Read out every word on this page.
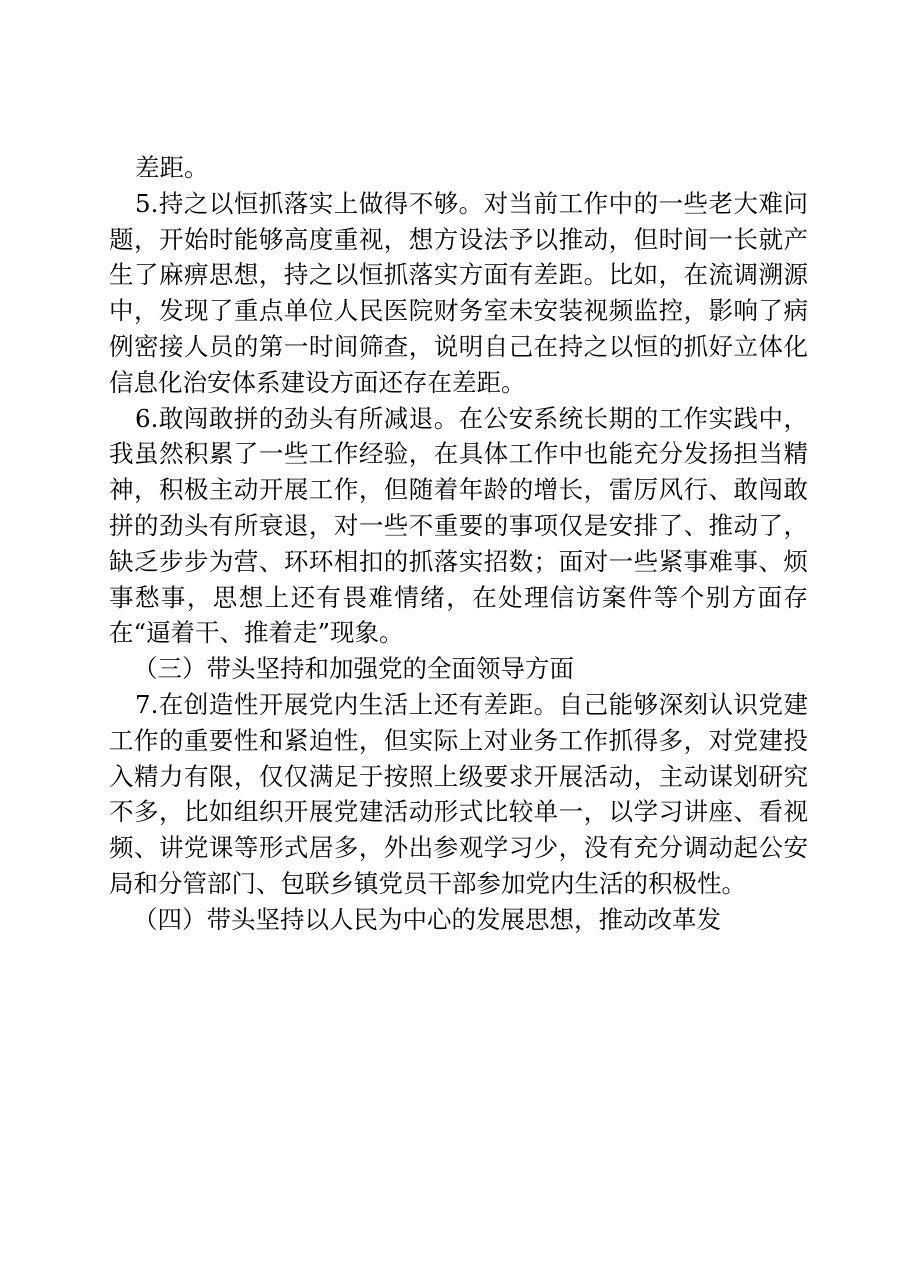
差距。

5.持之以恒抓落实上做得不够。对当前工作中的一些老大难问题，开始时能够高度重视，想方设法予以推动，但时间一长就产生了麻痹思想，持之以恒抓落实方面有差距。比如，在流调溯源中，发现了重点单位人民医院财务室未安装视频监控，影响了病例密接人员的第一时间筛查，说明自己在持之以恒的抓好立体化信息化治安体系建设方面还存在差距。

6.敢闯敢拼的劲头有所减退。在公安系统长期的工作实践中，我虽然积累了一些工作经验，在具体工作中也能充分发扬担当精神，积极主动开展工作，但随着年龄的增长，雷厉风行、敢闯敢拼的劲头有所衰退，对一些不重要的事项仅是安排了、推动了，缺乏步步为营、环环相扣的抓落实招数；面对一些紧事难事、烦事愁事，思想上还有畏难情绪，在处理信访案件等个别方面存在“逼着干、推着走”现象。

（三）带头坚持和加强党的全面领导方面

7.在创造性开展党内生活上还有差距。自己能够深刻认识党建工作的重要性和紧迫性，但实际上对业务工作抓得多，对党建投入精力有限，仅仅满足于按照上级要求开展活动，主动谋划研究不多，比如组织开展党建活动形式比较单一，以学习讲座、看视频、讲党课等形式居多，外出参观学习少，没有充分调动起公安局和分管部门、包联乡镇党员干部参加党内生活的积极性。

（四）带头坚持以人民为中心的发展思想，推动改革发
